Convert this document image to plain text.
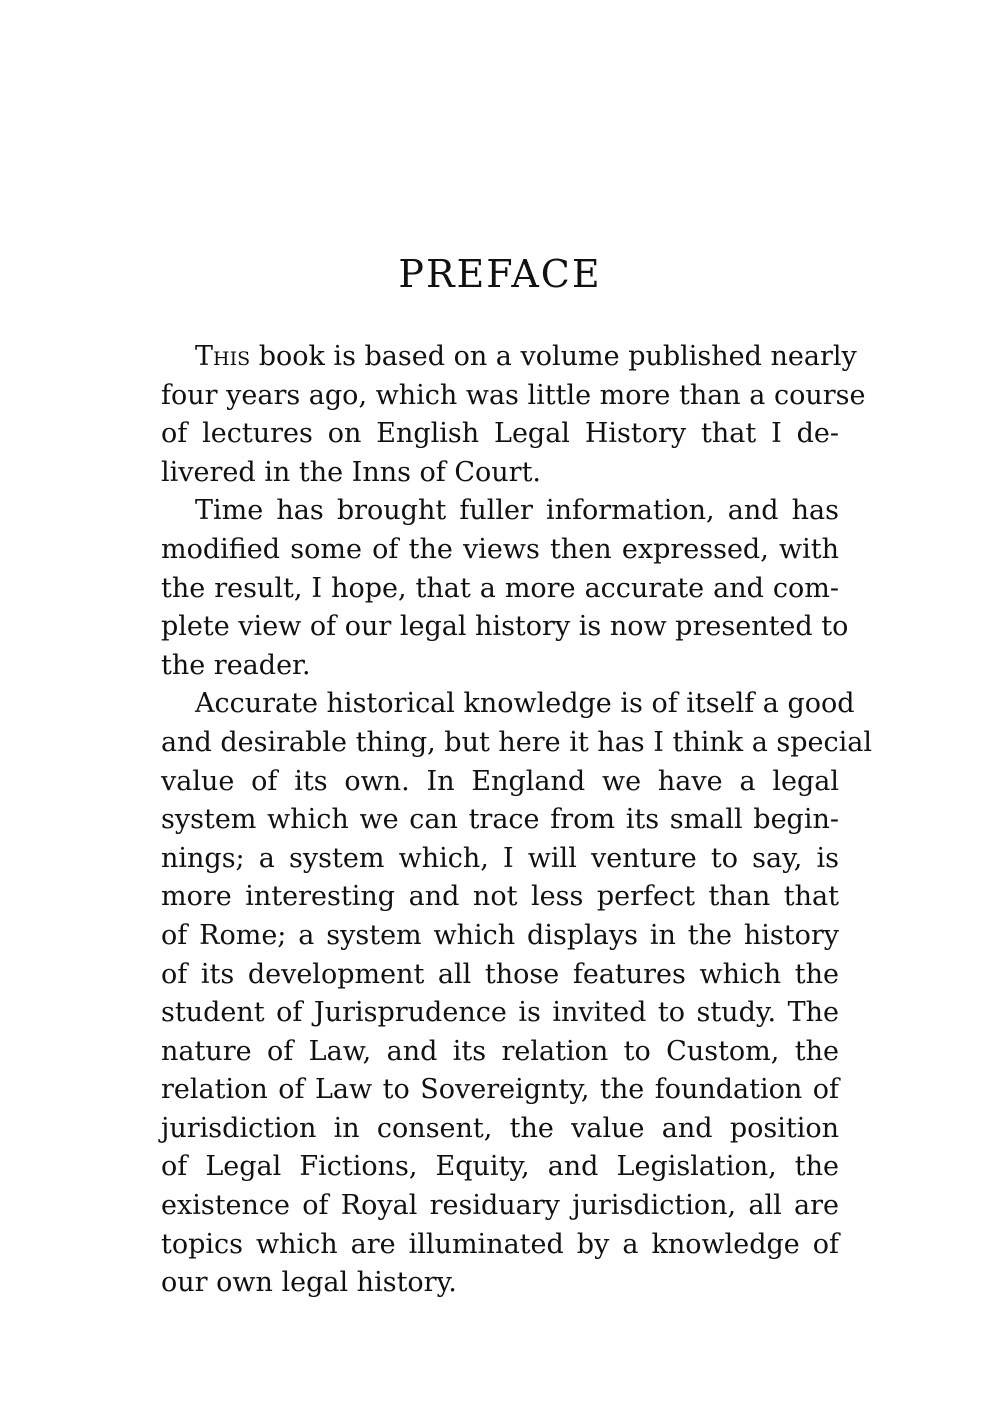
PREFACE

This book is based on a volume published nearly
four years ago, which was little more than a course
of lectures on English Legal History that I de-
livered in the Inns of Court.

Time has brought fuller information, and has
modified some of the views then expressed, with
the result, I hope, that a more accurate and com-
plete view of our legal history is now presented to
the reader.

Accurate historical knowledge is of itself a good
and desirable thing, but here it has I think a special
value of its own. In England we have a legal
system which we can trace from its small begin-
nings; a system which, I will venture to say, is
more interesting and not less perfect than that
of Rome; a system which displays in the history
of its development all those features which the
student of Jurisprudence is invited to study. The
nature of Law, and its relation to Custom, the
relation of Law to Sovereignty, the foundation of
jurisdiction in consent, the value and position
of Legal Fictions, Equity, and Legislation, the
existence of Royal residuary jurisdiction, all are
topics which are illuminated by a knowledge of
our own legal history.
